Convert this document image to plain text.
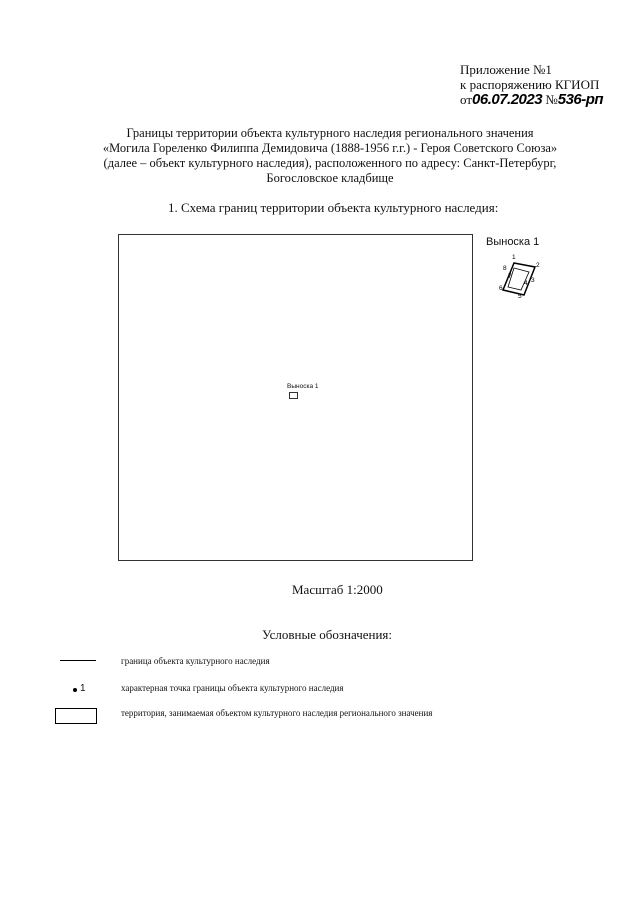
Приложение №1
к распоряжению КГИОП
от06.07.2023 №536-рп
Границы территории объекта культурного наследия регионального значения
«Могила Гореленко Филиппа Демидовича (1888-1956 г.г.) - Героя Советского Союза»
(далее – объект культурного наследия), расположенного по адресу: Санкт-Петербург,
Богословское кладбище
1. Схема границ территории объекта культурного наследия:
Выноска 1
Выноска 1
1
2
3
4
5
6
7
8
Масштаб 1:2000
Условные обозначения:
граница объекта культурного наследия
1	характерная точка границы объекта культурного наследия
территория, занимаемая объектом культурного наследия регионального значения
